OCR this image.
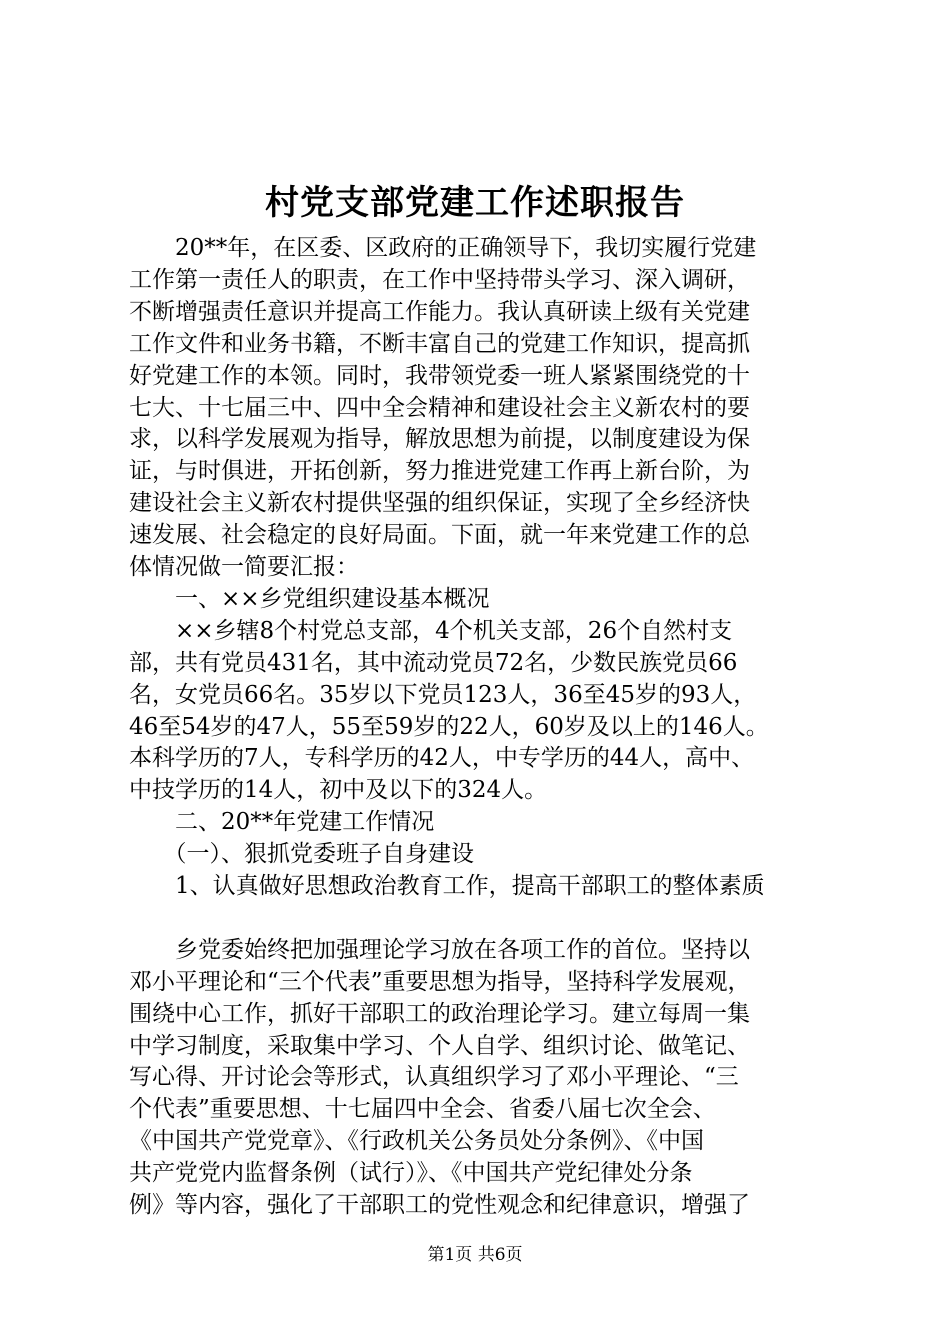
村党支部党建工作述职报告
　　20**年，在区委、区政府的正确领导下，我切实履行党建
工作第一责任人的职责，在工作中坚持带头学习、深入调研，
不断增强责任意识并提高工作能力。我认真研读上级有关党建
工作文件和业务书籍，不断丰富自己的党建工作知识，提高抓
好党建工作的本领。同时，我带领党委一班人紧紧围绕党的十
七大、十七届三中、四中全会精神和建设社会主义新农村的要
求，以科学发展观为指导，解放思想为前提，以制度建设为保
证，与时俱进，开拓创新，努力推进党建工作再上新台阶，为
建设社会主义新农村提供坚强的组织保证，实现了全乡经济快
速发展、社会稳定的良好局面。下面，就一年来党建工作的总
体情况做一简要汇报：
　　一、××乡党组织建设基本概况
　　××乡辖8个村党总支部，4个机关支部，26个自然村支
部，共有党员431名，其中流动党员72名，少数民族党员66
名，女党员66名。35岁以下党员123人，36至45岁的93人，
46至54岁的47人，55至59岁的22人，60岁及以上的146人。
本科学历的7人，专科学历的42人，中专学历的44人，高中、
中技学历的14人，初中及以下的324人。
　　二、20**年党建工作情况
　　（一）、狠抓党委班子自身建设
　　1、认真做好思想政治教育工作，提高干部职工的整体素质
　　乡党委始终把加强理论学习放在各项工作的首位。坚持以
邓小平理论和“三个代表”重要思想为指导，坚持科学发展观，
围绕中心工作，抓好干部职工的政治理论学习。建立每周一集
中学习制度，采取集中学习、个人自学、组织讨论、做笔记、
写心得、开讨论会等形式，认真组织学习了邓小平理论、“三
个代表”重要思想、十七届四中全会、省委八届七次全会、
《中国共产党党章》、《行政机关公务员处分条例》、《中国
共产党党内监督条例（试行）》、《中国共产党纪律处分条
例》等内容，强化了干部职工的党性观念和纪律意识，增强了
第1页 共6页
